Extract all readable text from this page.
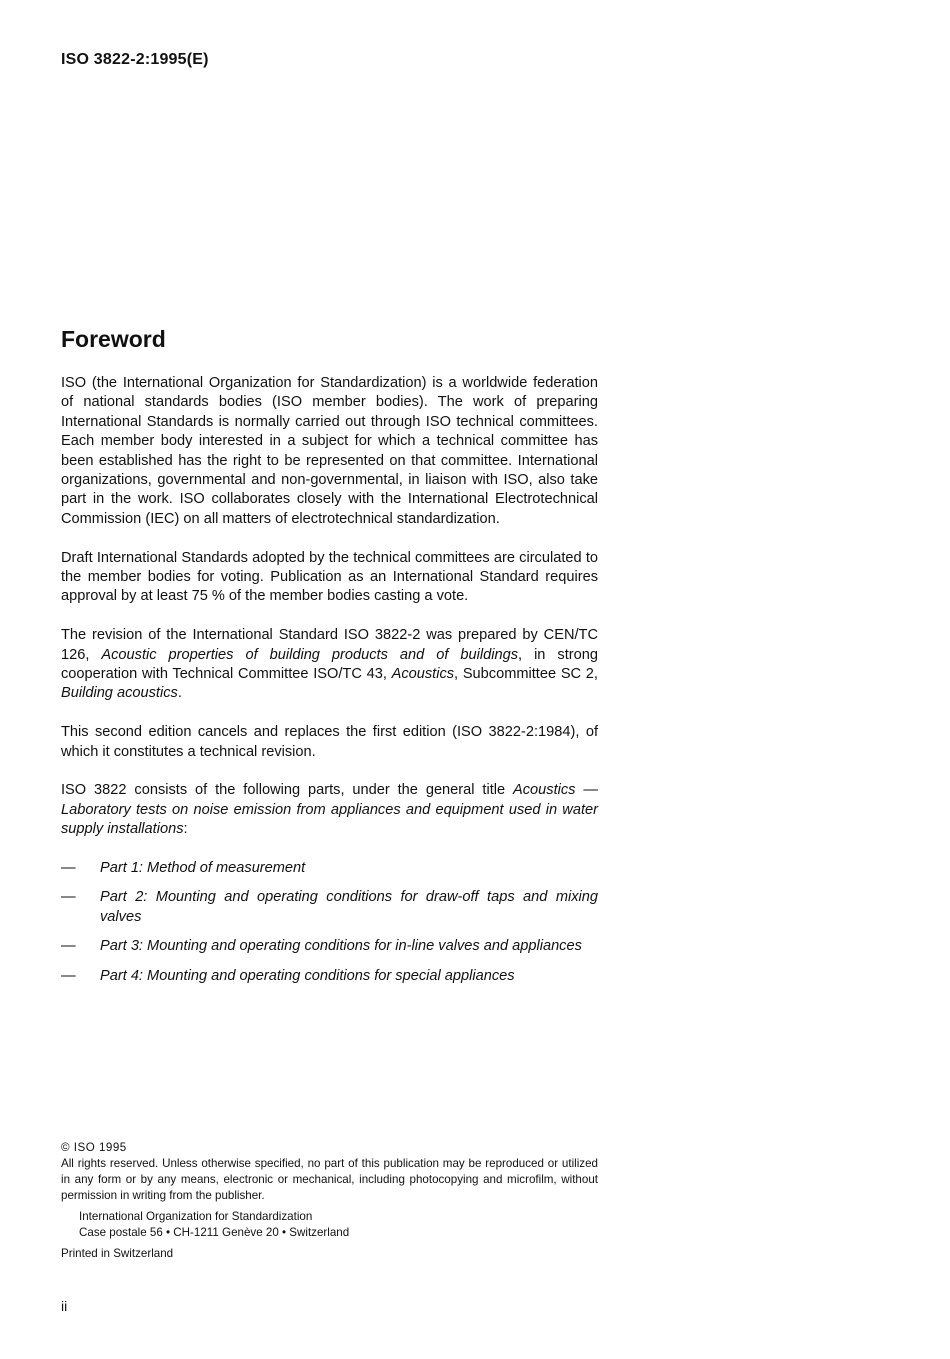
ISO 3822-2:1995(E)
Foreword

ISO (the International Organization for Standardization) is a worldwide federation of national standards bodies (ISO member bodies). The work of preparing International Standards is normally carried out through ISO technical committees. Each member body interested in a subject for which a technical committee has been established has the right to be represented on that committee. International organizations, governmental and non-governmental, in liaison with ISO, also take part in the work. ISO collaborates closely with the International Electrotechnical Commission (IEC) on all matters of electrotechnical standardization.

Draft International Standards adopted by the technical committees are circulated to the member bodies for voting. Publication as an International Standard requires approval by at least 75 % of the member bodies casting a vote.

The revision of the International Standard ISO 3822-2 was prepared by CEN/TC 126, Acoustic properties of building products and of buildings, in strong cooperation with Technical Committee ISO/TC 43, Acoustics, Subcommittee SC 2, Building acoustics.

This second edition cancels and replaces the first edition (ISO 3822-2:1984), of which it constitutes a technical revision.

ISO 3822 consists of the following parts, under the general title Acoustics — Laboratory tests on noise emission from appliances and equipment used in water supply installations:

—	Part 1: Method of measurement
—	Part 2: Mounting and operating conditions for draw-off taps and mixing valves
—	Part 3: Mounting and operating conditions for in-line valves and appliances
—	Part 4: Mounting and operating conditions for special appliances

© ISO 1995

All rights reserved. Unless otherwise specified, no part of this publication may be reproduced or utilized in any form or by any means, electronic or mechanical, including photocopying and microfilm, without permission in writing from the publisher.

International Organization for Standardization
Case postale 56 • CH-1211 Genève 20 • Switzerland

Printed in Switzerland

ii
